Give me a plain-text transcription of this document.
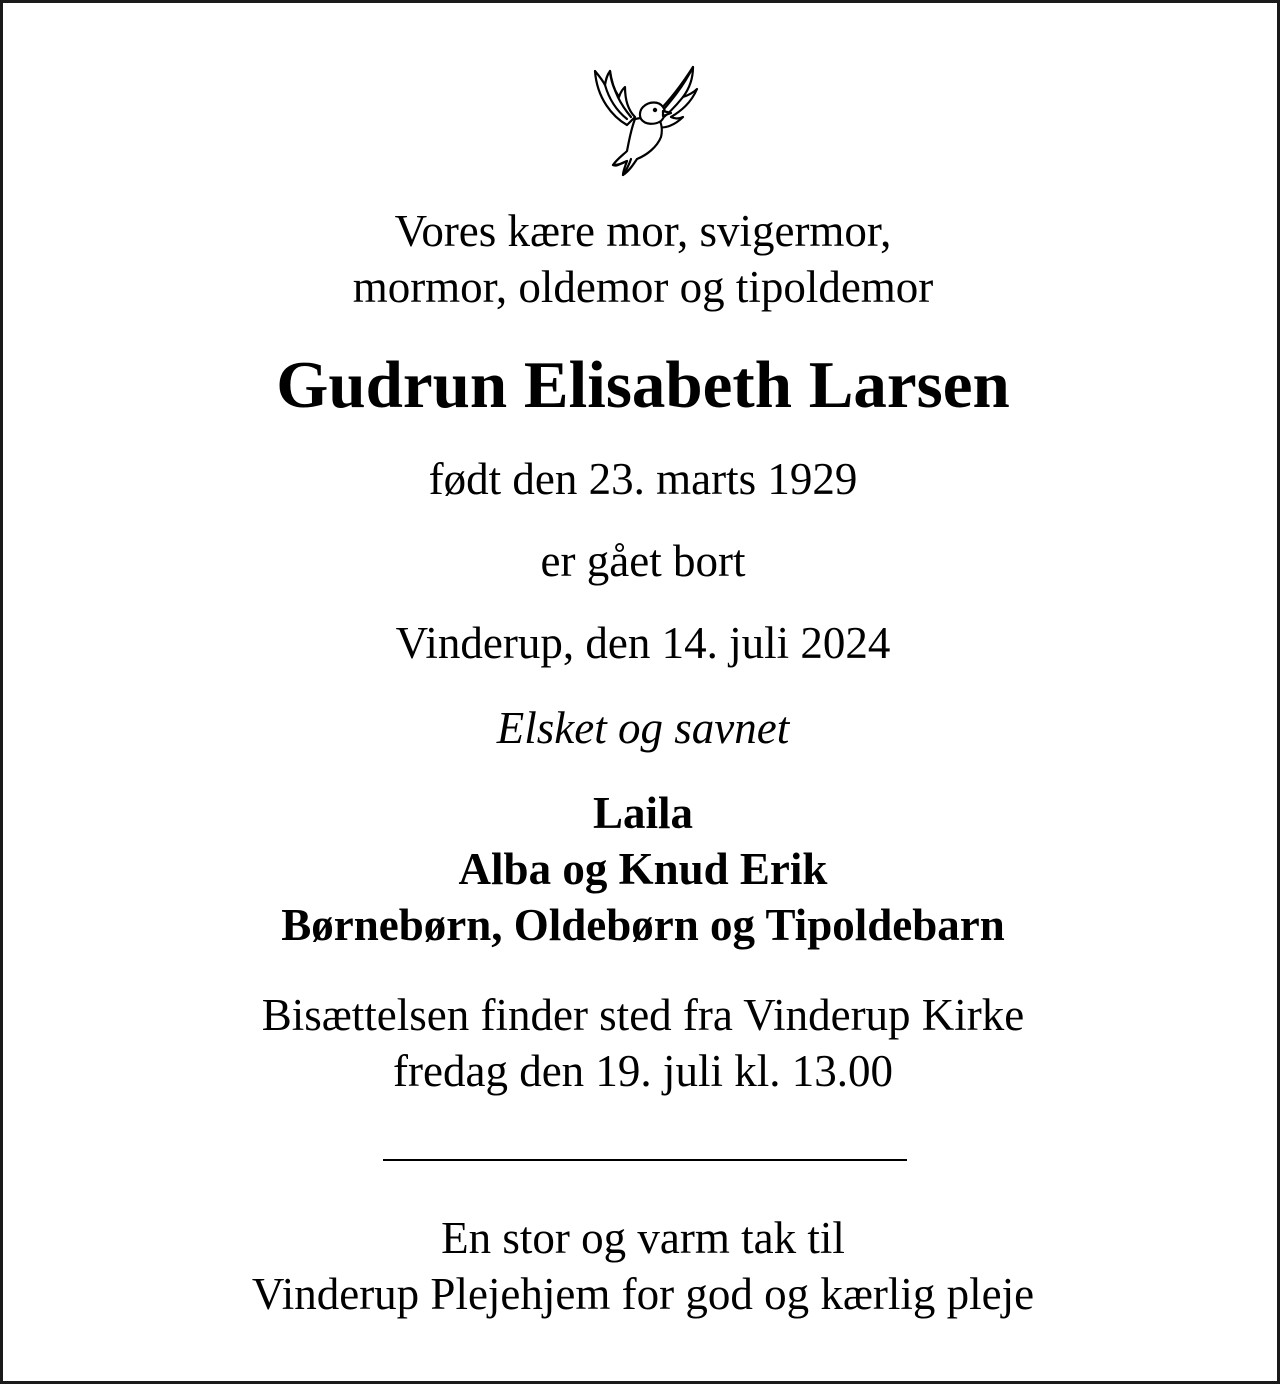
Vores kære mor, svigermor,
mormor, oldemor og tipoldemor
Gudrun Elisabeth Larsen
født den 23. marts 1929
er gået bort
Vinderup, den 14. juli 2024
Elsket og savnet
Laila
Alba og Knud Erik
Børnebørn, Oldebørn og Tipoldebarn
Bisættelsen finder sted fra Vinderup Kirke
fredag den 19. juli kl. 13.00
En stor og varm tak til
Vinderup Plejehjem for god og kærlig pleje
